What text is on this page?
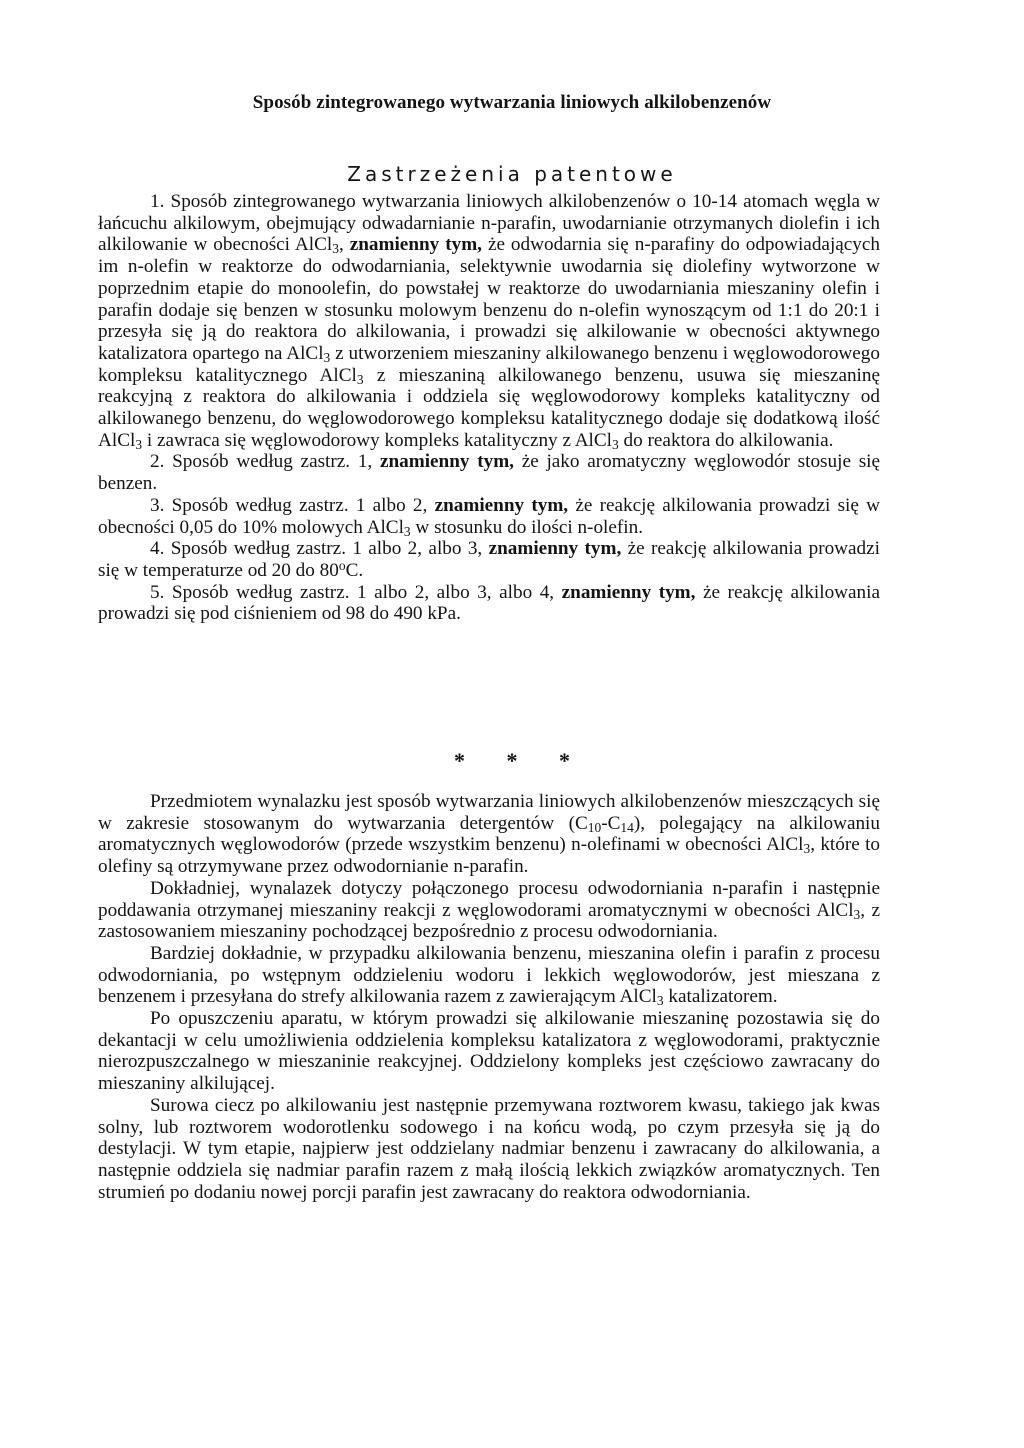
Sposób zintegrowanego wytwarzania liniowych alkilobenzenów
Zastrzeżenia patentowe

1. Sposób zintegrowanego wytwarzania liniowych alkilobenzenów o 10-14 atomach węgla w łańcuchu alkilowym, obejmujący odwadarnianie n-parafin, uwodarnianie otrzymanych diolefin i ich alkilowanie w obecności AlCl$_3$, znamienny tym, że odwodarnia się n-parafiny do odpowiadających im n-olefin w reaktorze do odwodarniania, selektywnie uwodarnia się diolefiny wytworzone w poprzednim etapie do monoolefin, do powstałej w reaktorze do uwodarniania mieszaniny olefin i parafin dodaje się benzen w stosunku molowym benzenu do n-olefin wynoszącym od 1:1 do 20:1 i przesyła się ją do reaktora do alkilowania, i prowadzi się alkilowanie w obecności aktywnego katalizatora opartego na AlCl$_3$ z utworzeniem mieszaniny alkilowanego benzenu i węglowodorowego kompleksu katalitycznego AlCl$_3$ z mieszaniną alkilowanego benzenu, usuwa się mieszaninę reakcyjną z reaktora do alkilowania i oddziela się węglowodorowy kompleks katalityczny od alkilowanego benzenu, do węglowodorowego kompleksu katalitycznego dodaje się dodatkową ilość AlCl$_3$ i zawraca się węglowodorowy kompleks katalityczny z AlCl$_3$ do reaktora do alkilowania.

2. Sposób według zastrz. 1, znamienny tym, że jako aromatyczny węglowodór stosuje się benzen.

3. Sposób według zastrz. 1 albo 2, znamienny tym, że reakcję alkilowania prowadzi się w obecności 0,05 do 10% molowych AlCl$_3$ w stosunku do ilości n-olefin.

4. Sposób według zastrz. 1 albo 2, albo 3, znamienny tym, że reakcję alkilowania prowadzi się w temperaturze od 20 do 80$^o$C.

5. Sposób według zastrz. 1 albo 2, albo 3, albo 4, znamienny tym, że reakcję alkilowania prowadzi się pod ciśnieniem od 98 do 490 kPa.

* * *

Przedmiotem wynalazku jest sposób wytwarzania liniowych alkilobenzenów mieszczących się w zakresie stosowanym do wytwarzania detergentów $(C_{10}-C_{14})$, polegający na alkilowaniu aromatycznych węglowodorów (przede wszystkim benzenu) n-olefinami w obecności AlCl$_3$, które to olefiny są otrzymywane przez odwodornianie n-parafin.

Dokładniej, wynalazek dotyczy połączonego procesu odwodorniania n-parafin i następnie poddawania otrzymanej mieszaniny reakcji z węglowodorami aromatycznymi w obecności AlCl$_3$, z zastosowaniem mieszaniny pochodzącej bezpośrednio z procesu odwodorniania.

Bardziej dokładnie, w przypadku alkilowania benzenu, mieszanina olefin i parafin z procesu odwodorniania, po wstępnym oddzieleniu wodoru i lekkich węglowodorów, jest mieszana z benzenem i przesyłana do strefy alkilowania razem z zawierającym AlCl$_3$ katalizatorem.

Po opuszczeniu aparatu, w którym prowadzi się alkilowanie mieszaninę pozostawia się do dekantacji w celu umożliwienia oddzielenia kompleksu katalizatora z węglowodorami, praktycznie nierozpuszczalnego w mieszaninie reakcyjnej. Oddzielony kompleks jest częściowo zawracany do mieszaniny alkilującej.

Surowa ciecz po alkilowaniu jest następnie przemywana roztworem kwasu, takiego jak kwas solny, lub roztworem wodorotlenku sodowego i na końcu wodą, po czym przesyła się ją do destylacji. W tym etapie, najpierw jest oddzielany nadmiar benzenu i zawracany do alkilowania, a następnie oddziela się nadmiar parafin razem z małą ilością lekkich związków aromatycznych. Ten strumień po dodaniu nowej porcji parafin jest zawracany do reaktora odwodorniania.
